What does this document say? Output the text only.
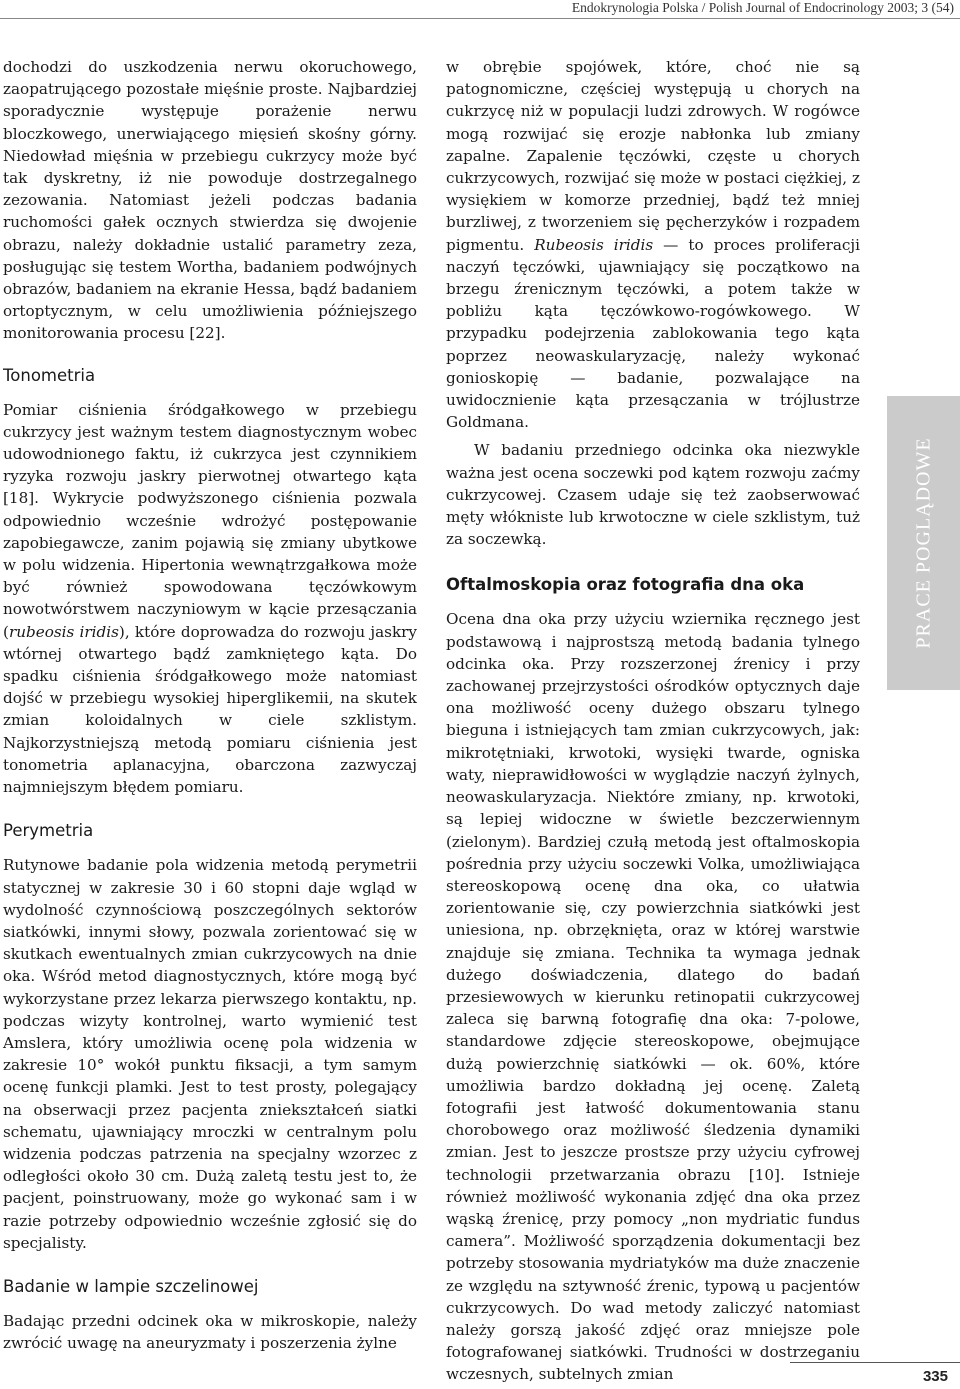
Endokrynologia Polska / Polish Journal of Endocrinology 2003; 3 (54)

dochodzi do uszkodzenia nerwu okoruchowego, zaopatrującego pozostałe mięśnie proste. Najbardziej sporadycznie występuje porażenie nerwu bloczkowego, unerwiającego mięsień skośny górny. Niedowład mięśnia w przebiegu cukrzycy może być tak dyskretny, iż nie powoduje dostrzegalnego zezowania. Natomiast jeżeli podczas badania ruchomości gałek ocznych stwierdza się dwojenie obrazu, należy dokładnie ustalić parametry zeza, posługując się testem Wortha, badaniem podwójnych obrazów, badaniem na ekranie Hessa, bądź badaniem ortoptycznym, w celu umożliwienia późniejszego monitorowania procesu [22].

Tonometria

Pomiar ciśnienia śródgałkowego w przebiegu cukrzycy jest ważnym testem diagnostycznym wobec udowodnionego faktu, iż cukrzyca jest czynnikiem ryzyka rozwoju jaskry pierwotnej otwartego kąta [18]. Wykrycie podwyższonego ciśnienia pozwala odpowiednio wcześnie wdrożyć postępowanie zapobiegawcze, zanim pojawią się zmiany ubytkowe w polu widzenia. Hipertonia wewnątrzgałkowa może być również spowodowana tęczówkowym nowotwórstwem naczyniowym w kącie przesączania (rubeosis iridis), które doprowadza do rozwoju jaskry wtórnej otwartego bądź zamkniętego kąta. Do spadku ciśnienia śródgałkowego może natomiast dojść w przebiegu wysokiej hiperglikemii, na skutek zmian koloidalnych w ciele szklistym. Najkorzystniejszą metodą pomiaru ciśnienia jest tonometria aplanacyjna, obarczona zazwyczaj najmniejszym błędem pomiaru.

Perymetria

Rutynowe badanie pola widzenia metodą perymetrii statycznej w zakresie 30 i 60 stopni daje wgląd w wydolność czynnościową poszczególnych sektorów siatkówki, innymi słowy, pozwala zorientować się w skutkach ewentualnych zmian cukrzycowych na dnie oka. Wśród metod diagnostycznych, które mogą być wykorzystane przez lekarza pierwszego kontaktu, np. podczas wizyty kontrolnej, warto wymienić test Amslera, który umożliwia ocenę pola widzenia w zakresie 10° wokół punktu fiksacji, a tym samym ocenę funkcji plamki. Jest to test prosty, polegający na obserwacji przez pacjenta zniekształceń siatki schematu, ujawniający mroczki w centralnym polu widzenia podczas patrzenia na specjalny wzorzec z odległości około 30 cm. Dużą zaletą testu jest to, że pacjent, poinstruowany, może go wykonać sam i w razie potrzeby odpowiednio wcześnie zgłosić się do specjalisty.

Badanie w lampie szczelinowej

Badając przedni odcinek oka w mikroskopie, należy zwrócić uwagę na aneuryzmaty i poszerzenia żylne

w obrębie spojówek, które, choć nie są patognomiczne, częściej występują u chorych na cukrzycę niż w populacji ludzi zdrowych. W rogówce mogą rozwijać się erozje nabłonka lub zmiany zapalne. Zapalenie tęczówki, częste u chorych cukrzycowych, rozwijać się może w postaci ciężkiej, z wysiękiem w komorze przedniej, bądź też mniej burzliwej, z tworzeniem się pęcherzyków i rozpadem pigmentu. Rubeosis iridis — to proces proliferacji naczyń tęczówki, ujawniający się początkowo na brzegu źrenicznym tęczówki, a potem także w pobliżu kąta tęczówkowo-rogówkowego. W przypadku podejrzenia zablokowania tego kąta poprzez neowaskularyzację, należy wykonać gonioskopię — badanie, pozwalające na uwidocznienie kąta przesączania w trójlustrze Goldmana.

W badaniu przedniego odcinka oka niezwykle ważna jest ocena soczewki pod kątem rozwoju zaćmy cukrzycowej. Czasem udaje się też zaobserwować męty włókniste lub krwotoczne w ciele szklistym, tuż za soczewką.

Oftalmoskopia oraz fotografia dna oka

Ocena dna oka przy użyciu wziernika ręcznego jest podstawową i najprostszą metodą badania tylnego odcinka oka. Przy rozszerzonej źrenicy i przy zachowanej przejrzystości ośrodków optycznych daje ona możliwość oceny dużego obszaru tylnego bieguna i istniejących tam zmian cukrzycowych, jak: mikrotętniaki, krwotoki, wysięki twarde, ogniska waty, nieprawidłowości w wyglądzie naczyń żylnych, neowaskularyzacja. Niektóre zmiany, np. krwotoki, są lepiej widoczne w świetle bezczerwiennym (zielonym). Bardziej czułą metodą jest oftalmoskopia pośrednia przy użyciu soczewki Volka, umożliwiająca stereoskopową ocenę dna oka, co ułatwia zorientowanie się, czy powierzchnia siatkówki jest uniesiona, np. obrzęknięta, oraz w której warstwie znajduje się zmiana. Technika ta wymaga jednak dużego doświadczenia, dlatego do badań przesiewowych w kierunku retinopatii cukrzycowej zaleca się barwną fotografię dna oka: 7-polowe, standardowe zdjęcie stereoskopowe, obejmujące dużą powierzchnię siatkówki — ok. 60%, które umożliwia bardzo dokładną jej ocenę. Zaletą fotografii jest łatwość dokumentowania stanu chorobowego oraz możliwość śledzenia dynamiki zmian. Jest to jeszcze prostsze przy użyciu cyfrowej technologii przetwarzania obrazu [10]. Istnieje również możliwość wykonania zdjęć dna oka przez wąską źrenicę, przy pomocy „non mydriatic fundus camera”. Możliwość sporządzenia dokumentacji bez potrzeby stosowania mydriatyków ma duże znaczenie ze względu na sztywność źrenic, typową u pacjentów cukrzycowych. Do wad metody zaliczyć natomiast należy gorszą jakość zdjęć oraz mniejsze pole fotografowanej siatkówki. Trudności w dostrzeganiu wczesnych, subtelnych zmian

PRACE POGLĄDOWE
335
